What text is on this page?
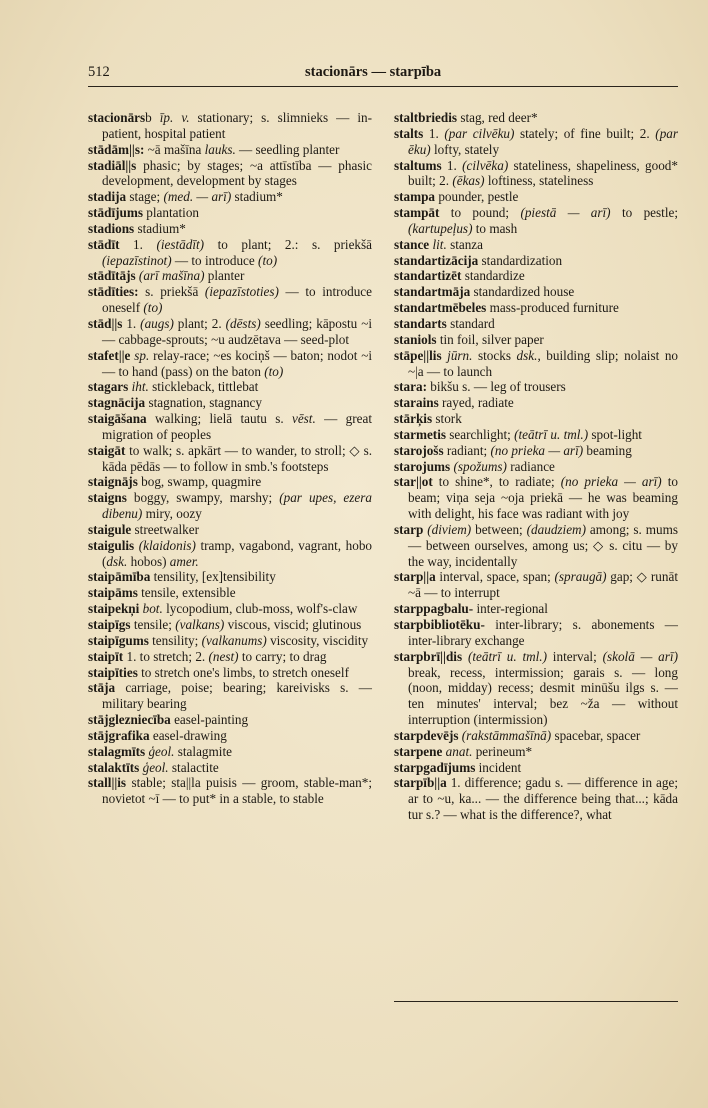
512	stacionārs — starpība

stacionārsb īp. v. stationary; s. slimnieks — in-patient, hospital patient

stādām||s: ~ā mašīna lauks. — seedling planter

stadiāl||s phasic; by stages; ~a attīstība — phasic development, development by stages

stadija stage; (med. — arī) stadium*

stādījums plantation

stadions stadium*

stādīt 1. (iestādīt) to plant; 2.: s. priekšā (iepazīstinot) — to introduce (to)

stādītājs (arī mašīna) planter

stādīties: s. priekšā (iepazīstoties) — to introduce oneself (to)

stād||s 1. (augs) plant; 2. (dēsts) seedling; kāpostu ~i — cabbage-sprouts; ~u audzētava — seed-plot

stafet||e sp. relay-race; ~es kociņš — baton; nodot ~i — to hand (pass) on the baton (to)

stagars iht. stickleback, tittlebat

stagnācija stagnation, stagnancy

staigāšana walking; lielā tautu s. vēst. — great migration of peoples

staigāt to walk; s. apkārt — to wander, to stroll; ◇ s. kāda pēdās — to follow in smb.'s footsteps

staignājs bog, swamp, quagmire

staigns boggy, swampy, marshy; (par upes, ezera dibenu) miry, oozy

staigule streetwalker

staigulis (klaidonis) tramp, vagabond, vagrant, hobo (dsk. hobos) amer.

staipāmība tensility, [ex]tensibility

staipāms tensile, extensible

staipekņi bot. lycopodium, club-moss, wolf's-claw

staipīgs tensile; (valkans) viscous, viscid; glutinous

staipīgums tensility; (valkanums) viscosity, viscidity

staipīt 1. to stretch; 2. (nest) to carry; to drag

staipīties to stretch one's limbs, to stretch oneself

stāja carriage, poise; bearing; kareivisks s. — military bearing

stājglezniecība easel-painting

stājgrafika easel-drawing

stalagmīts ģeol. stalagmite

stalaktīts ģeol. stalactite

stall||is stable; sta||la puisis — groom, stable-man*; novietot ~ī — to put* in a stable, to stable

staltbriedis stag, red deer*

stalts 1. (par cilvēku) stately; of fine built; 2. (par ēku) lofty, stately

staltums 1. (cilvēka) stateliness, shapeliness, good* built; 2. (ēkas) loftiness, stateliness

stampa pounder, pestle

stampāt to pound; (piestā — arī) to pestle; (kartupeļus) to mash

stance lit. stanza

standartizācija standardization

standartizēt standardize

standartmāja standardized house

standartmēbeles mass-produced furniture

standarts standard

staniols tin foil, silver paper

stāpe||lis jūrn. stocks dsk., building slip; nolaist no ~|a — to launch

stara: bikšu s. — leg of trousers

starains rayed, radiate

stārķis stork

starmetis searchlight; (teātrī u. tml.) spot-light

starojošs radiant; (no prieka — arī) beaming

starojums (spožums) radiance

star||ot to shine*, to radiate; (no prieka — arī) to beam; viņa seja ~oja priekā — he was beaming with delight, his face was radiant with joy

starp (diviem) between; (daudziem) among; s. mums — between ourselves, among us; ◇ s. citu — by the way, incidentally

starp||a interval, space, span; (spraugā) gap; ◇ runāt ~ā — to interrupt

starppagbalu- inter-regional

starpbibliotēku- inter-library; s. abonements — inter-library exchange

starpbrī||dis (teātrī u. tml.) interval; (skolā — arī) break, recess, intermission; garais s. — long (noon, midday) recess; desmit minūšu ilgs s. — ten minutes' interval; bez ~ža — without interruption (intermission)

starpdevējs (rakstāmmašīnā) spacebar, spacer

starpene anat. perineum*

starpgadījums incident

starpīb||a 1. difference; gadu s. — difference in age; ar to ~u, ka... — the difference being that...; kāda tur s.? — what is the difference?, what
